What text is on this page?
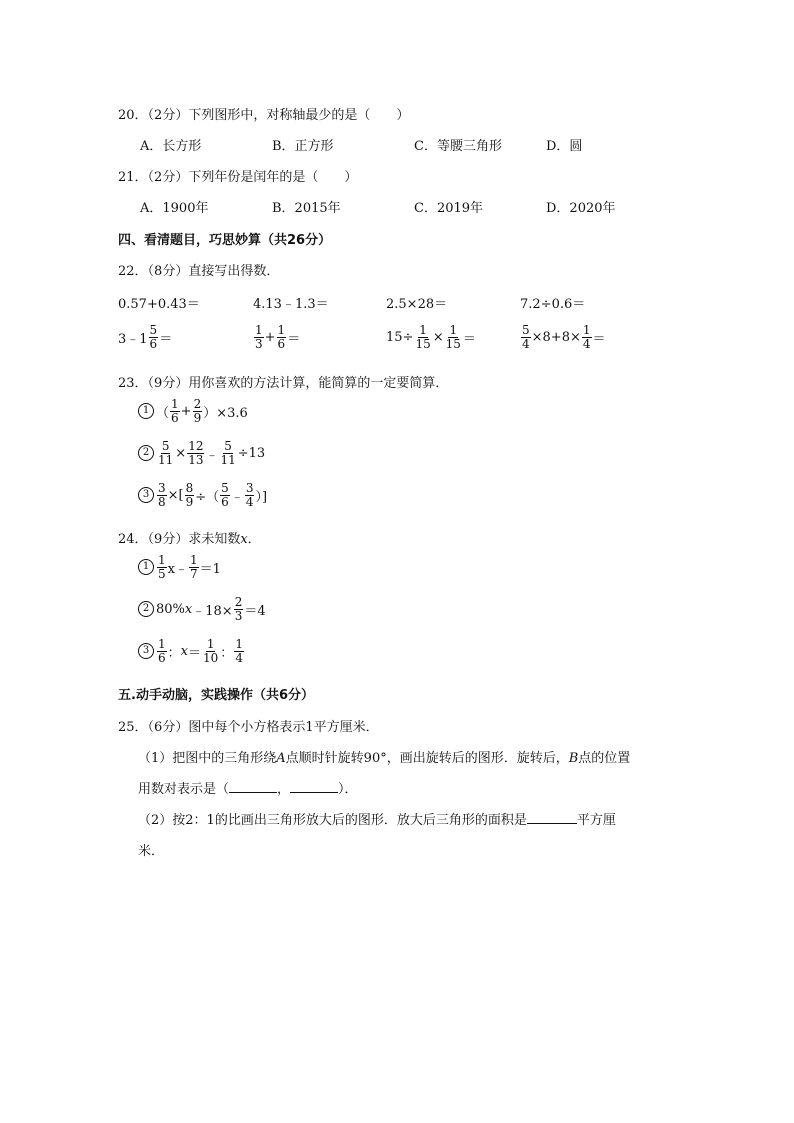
20．（2分）下列图形中，对称轴最少的是（　　）
A．长方形	B．正方形	C．等腰三角形	D．圆
21．（2分）下列年份是闰年的是（　　）
A．1900年	B．2015年	C．2019年	D．2020年
四、看清题目，巧思妙算（共26分）
22．（8分）直接写出得数．
0.57+0.43＝	4.13﹣1.3＝	2.5×28＝	7.2÷0.6＝
3﹣1 $\frac{5}{6}$ ＝	$\frac{1}{3} + \frac{1}{6}$ ＝	$15\div \frac{1}{15} \times \frac{1}{15}$ ＝	$\frac{5}{4} \times 8+8\times \frac{1}{4}$ ＝
23．（9分）用你喜欢的方法计算，能简算的一定要简算．
1 （ $\frac{1}{6} + \frac{2}{9} )\times 3.6$
$2 \frac{5}{11} \times \frac{12}{13}$ ﹣ $\frac{5}{11} \div 13$
$3 \frac{3}{8}$ ×[ $\frac{8}{9}$ ÷（ $\frac{5}{6}$ ﹣ $\frac{3}{4}$ ）]
24．（9分）求未知数x．
$1 \frac{1}{5}$ x﹣ $\frac{1}{7} =1$
2 80% x ﹣18× $\frac{2}{3} =4$
$3 \frac{1}{6}$ ： $x = \frac{1}{10}$ ： $\frac{1}{4}$
五.动手动脑，实践操作（共6分）
25．（6分）图中每个小方格表示1平方厘米．
（1）把图中的三角形绕A点顺时针旋转90°，画出旋转后的图形．旋转后，B点的位置
用数对表示是（	，	）．
（2）按2：1的比画出三角形放大后的图形．放大后三角形的面积是	平方厘
米．
